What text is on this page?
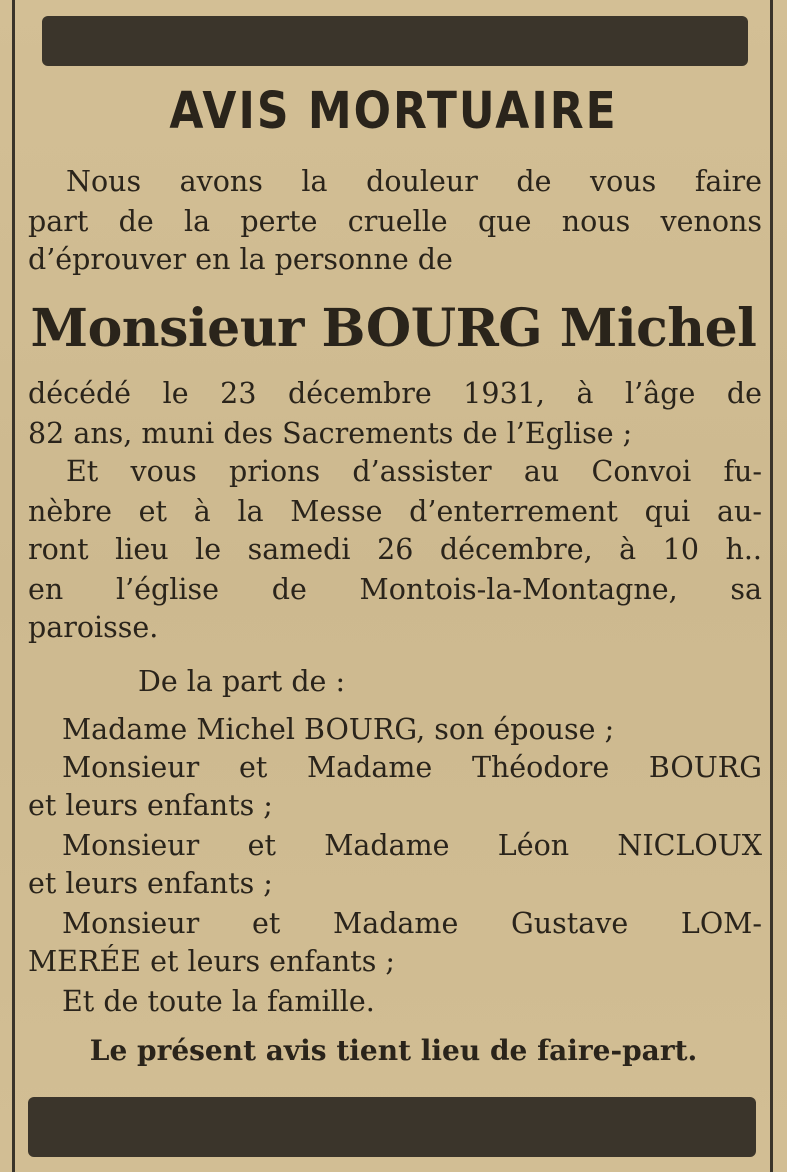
AVIS MORTUAIRE
Nous avons la douleur de vous faire
part de la perte cruelle que nous venons
d’éprouver en la personne de
Monsieur BOURG Michel
décédé le 23 décembre 1931, à l’âge de
82 ans, muni des Sacrements de l’Eglise ;
Et vous prions d’assister au Convoi fu-
nèbre et à la Messe d’enterrement qui au-
ront lieu le samedi 26 décembre, à 10 h..
en l’église de Montois-la-Montagne, sa
paroisse.
De la part de :
Madame Michel BOURG, son épouse ;
Monsieur et Madame Théodore BOURG
et leurs enfants ;
Monsieur et Madame Léon NICLOUX
et leurs enfants ;
Monsieur et Madame Gustave LOM-
MERÉE et leurs enfants ;
Et de toute la famille.
Le présent avis tient lieu de faire-part.
